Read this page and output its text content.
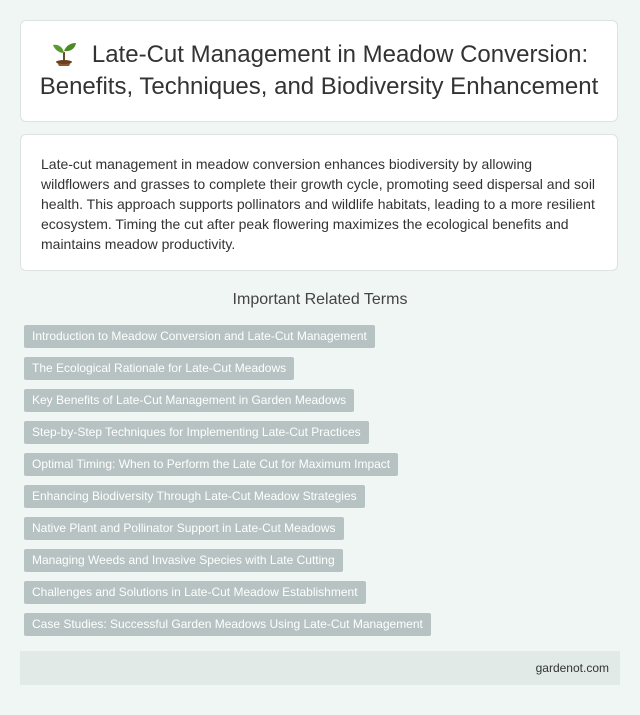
Late-Cut Management in Meadow Conversion: Benefits, Techniques, and Biodiversity Enhancement

Late-cut management in meadow conversion enhances biodiversity by allowing wildflowers and grasses to complete their growth cycle, promoting seed dispersal and soil health. This approach supports pollinators and wildlife habitats, leading to a more resilient ecosystem. Timing the cut after peak flowering maximizes the ecological benefits and maintains meadow productivity.

Important Related Terms
Introduction to Meadow Conversion and Late-Cut Management
The Ecological Rationale for Late-Cut Meadows
Key Benefits of Late-Cut Management in Garden Meadows
Step-by-Step Techniques for Implementing Late-Cut Practices
Optimal Timing: When to Perform the Late Cut for Maximum Impact
Enhancing Biodiversity Through Late-Cut Meadow Strategies
Native Plant and Pollinator Support in Late-Cut Meadows
Managing Weeds and Invasive Species with Late Cutting
Challenges and Solutions in Late-Cut Meadow Establishment
Case Studies: Successful Garden Meadows Using Late-Cut Management
gardenot.com
